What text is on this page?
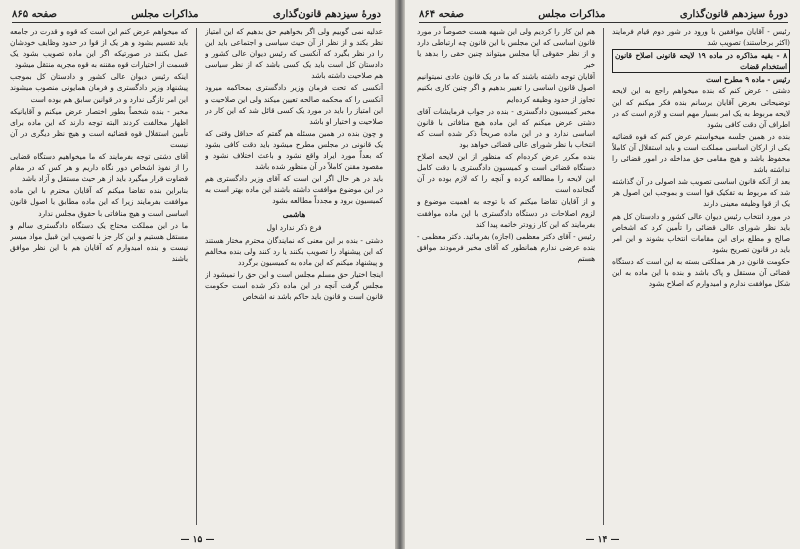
دورهٔ سیزدهم قانون‌گذاری
مذاکرات مجلس
صفحه ۸۶۵

عدلیه نمی گوییم ولی اگر بخواهیم حق بدهیم که این امتیاز نظر بکند و از نظر از آن حیث سیاسی و اجتماعی باید این را در نظر بگیرد که آنکسی که رئیس دیوان عالی کشور و دادستان کل است باید یک کسی باشد که از نظر سیاسی هم صلاحیت داشته باشد

آنکسی که تحت فرمان وزیر دادگستری بمحاکمه میرود آنکسی را که محکمه صالحه تعیین میکند ولی این صلاحیت و این امتیاز را باید در مورد یک کسی قائل شد که این کار در صلاحیت و اختیار او باشد

و چون بنده در همین مسئله هم گفتم که حداقل وقتی که یک قانونی در مجلس مطرح میشود باید دقت کافی بشود که بعداً مورد ایراد واقع نشود و باعث اختلاف نشود و مقصود مقنن کاملاً در آن منظور شده باشد

باید در هر حال اگر این است که آقای وزیر دادگستری هم در این موضوع موافقت داشته باشند این ماده بهتر است به کمیسیون برود و مجدداً مطالعه بشود

هاشمی
فرع ذکر ندارد اول

دشتی - بنده بر این معنی که نمایندگان محترم مختار هستند که این پیشنهاد را تصویب بکنند یا رد کنند ولی بنده مخالفم و پیشنهاد میکنم که این ماده به کمیسیون برگردد

اینجا اختیار حق مسلم مجلس است و این حق را نمیشود از مجلس گرفت آنچه در این ماده ذکر شده است حکومت قانون است و قانون باید حاکم باشد نه اشخاص

که میخواهم عرض کنم این است که قوه و قدرت در جامعه باید تقسیم بشود و هر یک از قوا در حدود وظایف خودشان عمل بکنند در صورتیکه اگر این ماده تصویب بشود یک قسمت از اختیارات قوه مقننه به قوه مجریه منتقل میشود

اینکه رئیس دیوان عالی کشور و دادستان کل بموجب پیشنهاد وزیر دادگستری و فرمان همایونی منصوب میشوند این امر تازگی ندارد و در قوانین سابق هم بوده است

مخبر - بنده شخصاً بطور اختصار عرض میکنم و آقایانیکه اظهار مخالفت کردند البته توجه دارند که این ماده برای تأمین استقلال قوه قضائیه است و هیچ نظر دیگری در آن نیست

آقای دشتی توجه بفرمایند که ما میخواهیم دستگاه قضایی را از نفوذ اشخاص دور نگاه داریم و هر کس که در مقام قضاوت قرار میگیرد باید از هر حیث مستقل و آزاد باشد

بنابراین بنده تقاضا میکنم که آقایان محترم با این ماده موافقت بفرمایند زیرا که این ماده مطابق با اصول قانون اساسی است و هیچ منافاتی با حقوق مجلس ندارد

ما در این مملکت محتاج یک دستگاه دادگستری سالم و مستقل هستیم و این کار جز با تصویب این قبیل مواد میسر نیست و بنده امیدوارم که آقایان هم با این نظر موافق باشند

— ۱۵ —
دورهٔ سیزدهم قانون‌گذاری
مذاکرات مجلس
صفحه ۸۶۴

رئیس - آقایان موافقین با ورود در شور دوم قیام فرمایند (اکثر برخاستند) تصویب شد

۸ - بقیه مذاکره در ماده ۱۹ لایحه قانونی اصلاح قانون استخدام قضات
رئیس - ماده ۹ مطرح است

دشتی - عرض کنم که بنده میخواهم راجع به این لایحه توضیحاتی بعرض آقایان برسانم بنده فکر میکنم که این لایحه مربوط به یک امر بسیار مهم است و لازم است که در اطراف آن دقت کافی بشود

بنده در همین جلسه میخواستم عرض کنم که قوه قضائیه یکی از ارکان اساسی مملکت است و باید استقلال آن کاملاً محفوظ باشد و هیچ مقامی حق مداخله در امور قضائی را نداشته باشد

بعد از آنکه قانون اساسی تصویب شد اصولی در آن گذاشته شد که مربوط به تفکیک قوا است و بموجب این اصول هر یک از قوا وظیفه معینی دارند

در مورد انتخاب رئیس دیوان عالی کشور و دادستان کل هم باید نظر شورای عالی قضائی را تأمین کرد که اشخاص صالح و مطلع برای این مقامات انتخاب بشوند و این امر باید در قانون تصریح بشود

حکومت قانون در هر مملکتی بسته به این است که دستگاه قضائی آن مستقل و پاک باشد و بنده با این ماده به این شکل موافقت ندارم و امیدوارم که اصلاح بشود

هم این کار را کردیم ولی این شبهه هست خصوصاً در مورد قانون اساسی که این مجلس با این قانون چه ارتباطی دارد و از نظر حقوقی آیا مجلس میتواند چنین حقی را بدهد یا خیر

آقایان توجه داشته باشند که ما در یک قانون عادی نمیتوانیم اصول قانون اساسی را تغییر بدهیم و اگر چنین کاری بکنیم تجاوز از حدود وظیفه کرده‌ایم

مخبر کمیسیون دادگستری - بنده در جواب فرمایشات آقای دشتی عرض میکنم که این ماده هیچ منافاتی با قانون اساسی ندارد و در این ماده صریحاً ذکر شده است که انتخاب با نظر شورای عالی قضائی خواهد بود

بنده مکرر عرض کرده‌ام که منظور از این لایحه اصلاح دستگاه قضائی است و کمیسیون دادگستری با دقت کامل این لایحه را مطالعه کرده و آنچه را که لازم بوده در آن گنجانده است

و از آقایان تقاضا میکنم که با توجه به اهمیت موضوع و لزوم اصلاحات در دستگاه دادگستری با این ماده موافقت بفرمایند که این کار زودتر خاتمه پیدا کند

رئیس - آقای دکتر معظمی (اجازه) بفرمائید. دکتر معظمی - بنده عرضی ندارم همانطور که آقای مخبر فرمودند موافق هستم

— ۱۴ —
